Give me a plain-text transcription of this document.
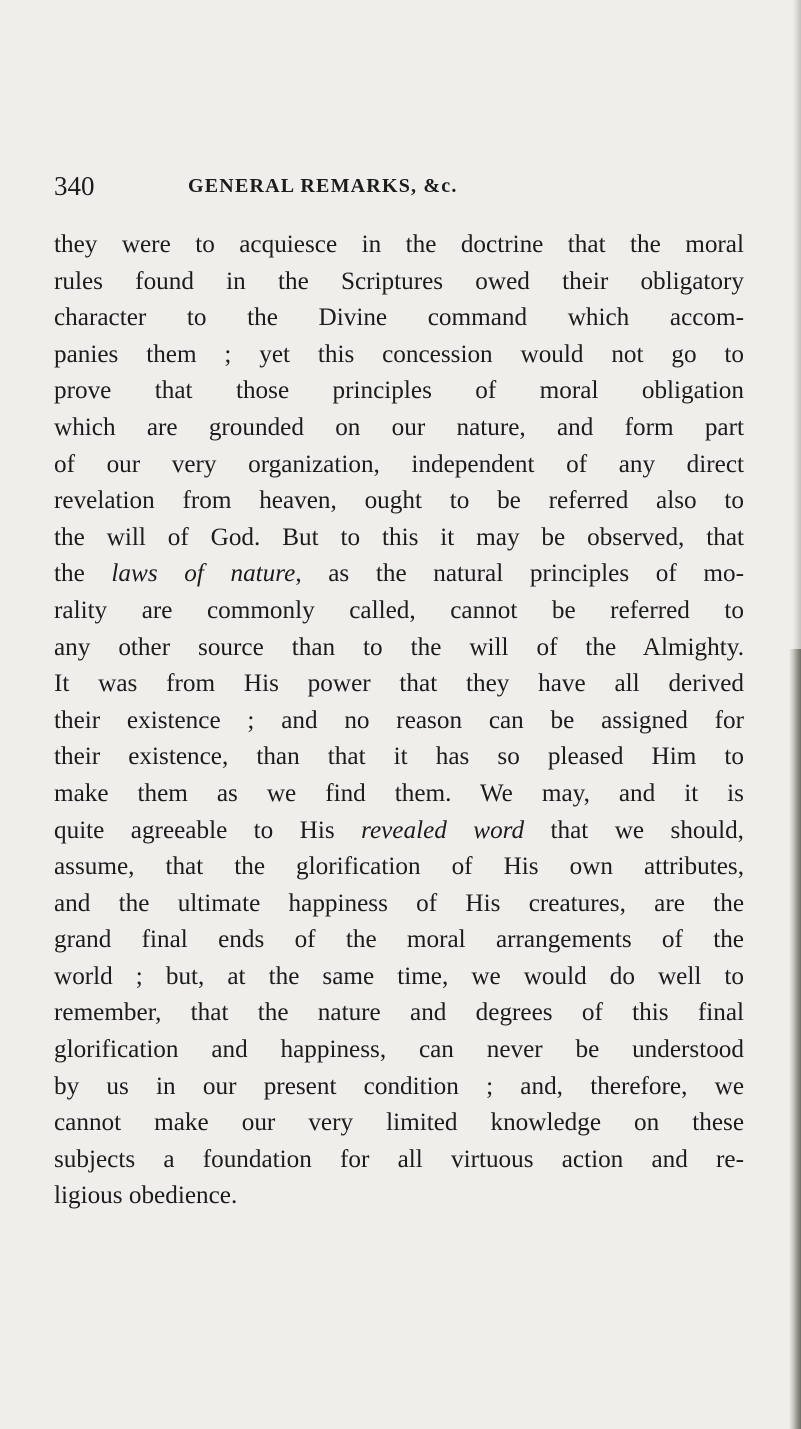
340	GENERAL REMARKS, &c.
they were to acquiesce in the doctrine that the moral
rules found in the Scriptures owed their obligatory
character to the Divine command which accom-
panies them ; yet this concession would not go to
prove that those principles of moral obligation
which are grounded on our nature, and form part
of our very organization, independent of any direct
revelation from heaven, ought to be referred also to
the will of God. But to this it may be observed, that
the laws of nature, as the natural principles of mo-
rality are commonly called, cannot be referred to
any other source than to the will of the Almighty.
It was from His power that they have all derived
their existence ; and no reason can be assigned for
their existence, than that it has so pleased Him to
make them as we find them. We may, and it is
quite agreeable to His revealed word that we should,
assume, that the glorification of His own attributes,
and the ultimate happiness of His creatures, are the
grand final ends of the moral arrangements of the
world ; but, at the same time, we would do well to
remember, that the nature and degrees of this final
glorification and happiness, can never be understood
by us in our present condition ; and, therefore, we
cannot make our very limited knowledge on these
subjects a foundation for all virtuous action and re-
ligious obedience.
